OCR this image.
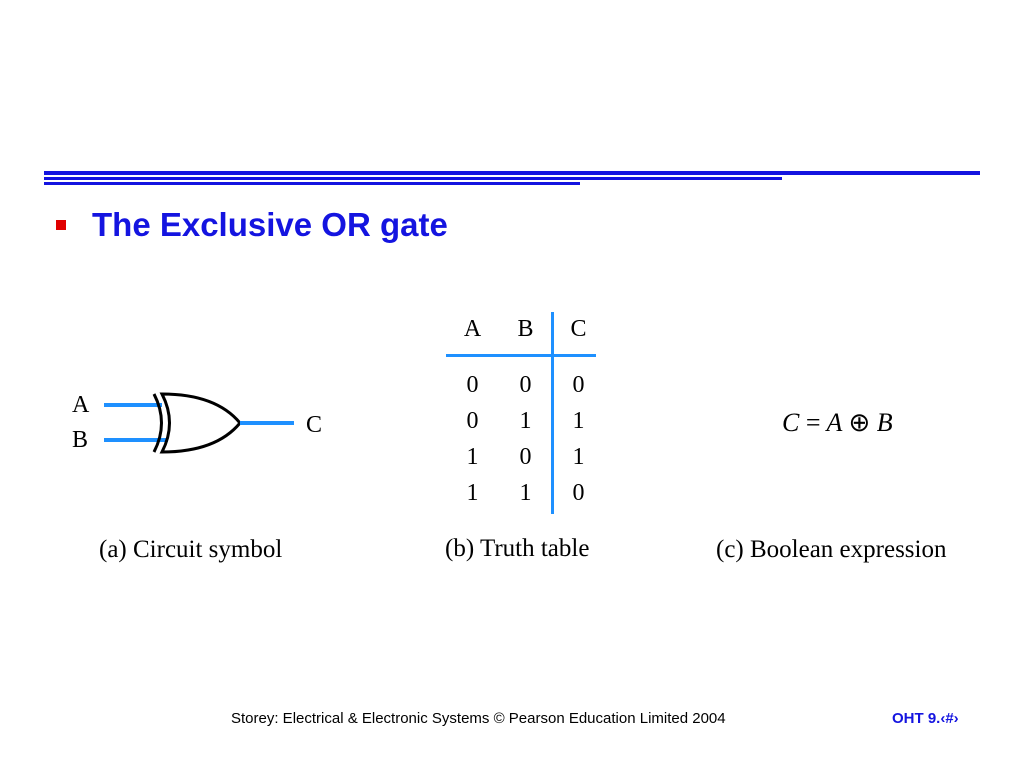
The Exclusive OR gate
A
B
C
(a) Circuit symbol
A	B	C
0	0	0
0	1	1
1	0	1
1	1	0
(b) Truth table
C = A ⊕ B
(c) Boolean expression
Storey: Electrical & Electronic Systems © Pearson Education Limited 2004	OHT 9.‹#›
